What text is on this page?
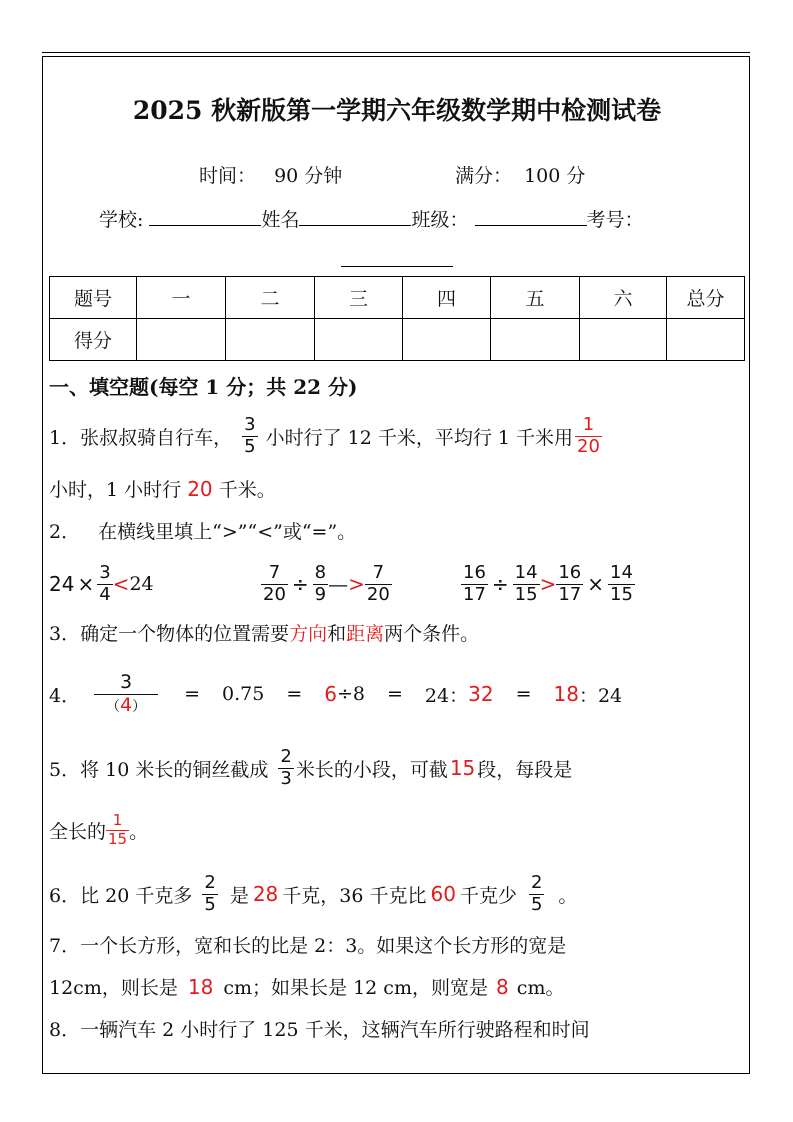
2025 秋新版第一学期六年级数学期中检测试卷
时间： 90 分钟	满分： 100 分
学校:	姓名	班级：	考号：
题号	一	二	三	四	五	六	总分
得分							
一、填空题(每空 1 分；共 22 分)
1． 张叔叔骑自行车， $\frac{3}{5}$ 小时行了 12 千米，平均行 1 千米用 $\frac{1}{20}$
小时，1 小时行 20 千米。
2． 在横线里填上“>”“<”或“=”。
$24 \times \frac{3}{4} < 24$	$\frac{7}{20} \div \frac{8}{9}$ — > $\frac{7}{20}$	$\frac{16}{17} \div \frac{14}{15} > \frac{16}{17} \times \frac{14}{15}$
3．确定一个物体的位置需要方向和距离两个条件。
4． $\frac{3}{(4)} = 0.75 = 6 \div 8 = 24$： 32 = 18 ：24
5．将 10 米长的铜丝截成 $\frac{2}{3}$ 米长的小段，可截 15 段，每段是
全长的 $\frac{1}{15}$ 。
6．比 20 千克多 $\frac{2}{5}$ 是 28 千克，36 千克比 60 千克少 $\frac{2}{5}$ 。
7．一个长方形，宽和长的比是 2：3。如果这个长方形的宽是
12cm，则长是 18 cm；如果长是 12 cm，则宽是 8 cm。
8．一辆汽车 2 小时行了 125 千米，这辆汽车所行驶路程和时间
